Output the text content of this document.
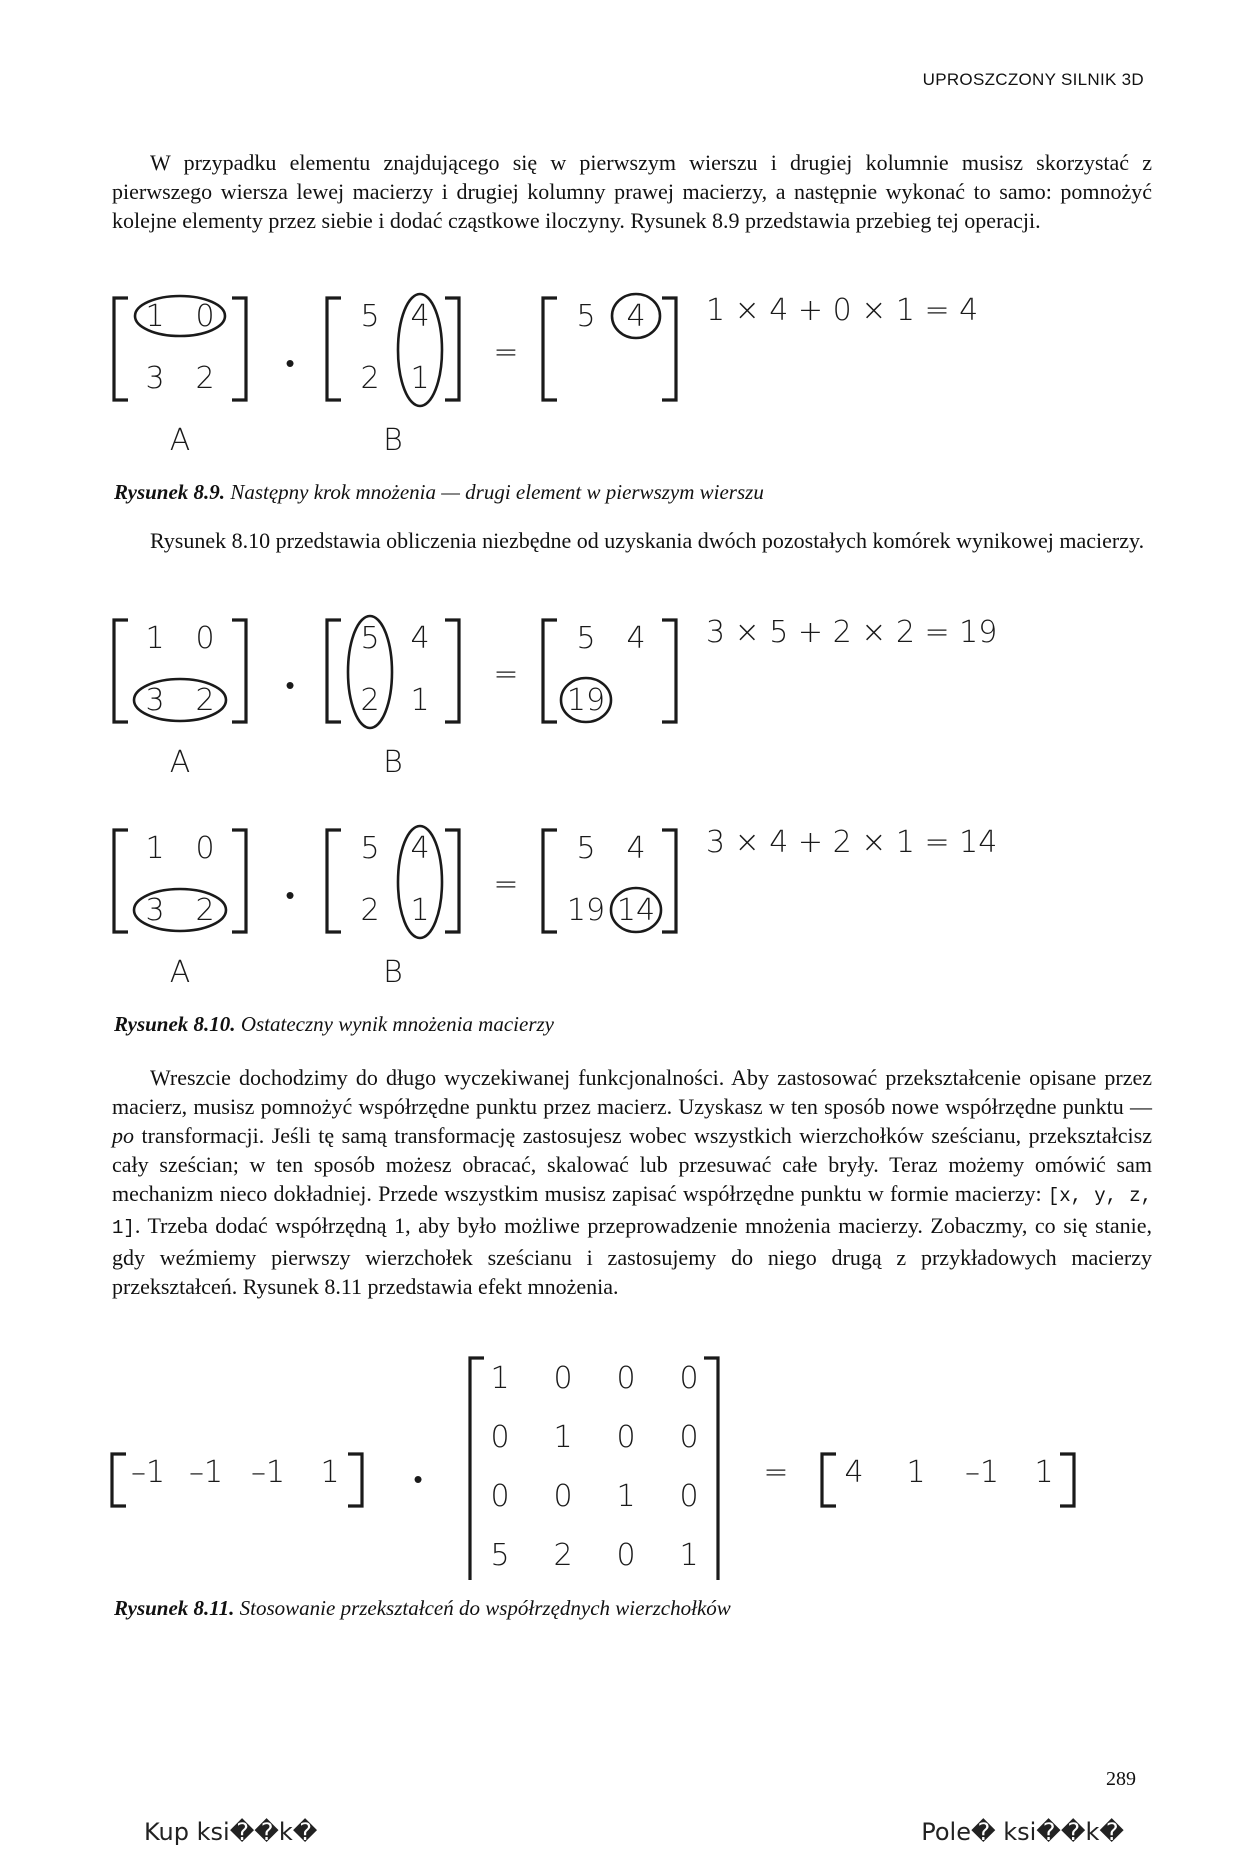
UPROSZCZONY SILNIK 3D

W przypadku elementu znajdującego się w pierwszym wierszu i drugiej kolumnie musisz skorzystać z pierwszego wiersza lewej macierzy i drugiej kolumny prawej macierzy, a następnie wykonać to samo: pomnożyć kolejne elementy przez siebie i dodać cząstkowe iloczyny. Rysunek 8.9 przedstawia przebieg tej operacji.

1 0
3 2	•
5 4
2 1
=
5 4 1 × 4 + 0 × 1 = 4
A	B
Rysunek 8.9. Następny krok mnożenia — drugi element w pierwszym wierszu

Rysunek 8.10 przedstawia obliczenia niezbędne od uzyskania dwóch pozostałych komórek wynikowej macierzy.

1 0
3 2	•
5 4
2 1
=
5 4
19
3 × 5 + 2 × 2 = 19
A	B
1 0
3 2	•
5 4
2 1
=
5 4
19 14
3 × 4 + 2 × 1 = 14
A	B
Rysunek 8.10. Ostateczny wynik mnożenia macierzy

Wreszcie dochodzimy do długo wyczekiwanej funkcjonalności. Aby zastosować przekształcenie opisane przez macierz, musisz pomnożyć współrzędne punktu przez macierz. Uzyskasz w ten sposób nowe współrzędne punktu — po transformacji. Jeśli tę samą transformację zastosujesz wobec wszystkich wierzchołków sześcianu, przekształcisz cały sześcian; w ten sposób możesz obracać, skalować lub przesuwać całe bryły. Teraz możemy omówić sam mechanizm nieco dokładniej. Przede wszystkim musisz zapisać współrzędne punktu w formie macierzy: [x, y, z, 1]. Trzeba dodać współrzędną 1, aby było możliwe przeprowadzenie mnożenia macierzy. Zobaczmy, co się stanie, gdy weźmiemy pierwszy wierzchołek sześcianu i zastosujemy do niego drugą z przykładowych macierzy przekształceń. Rysunek 8.11 przedstawia efekt mnożenia.

–1 –1 –1 1	•
1 0 0 0
0 1 0 0
0 0 1 0
5 2 0 1
= 4 1 –1 1
Rysunek 8.11. Stosowanie przekształceń do współrzędnych wierzchołków
289
Kup ksi��k�	Pole� ksi��k�
